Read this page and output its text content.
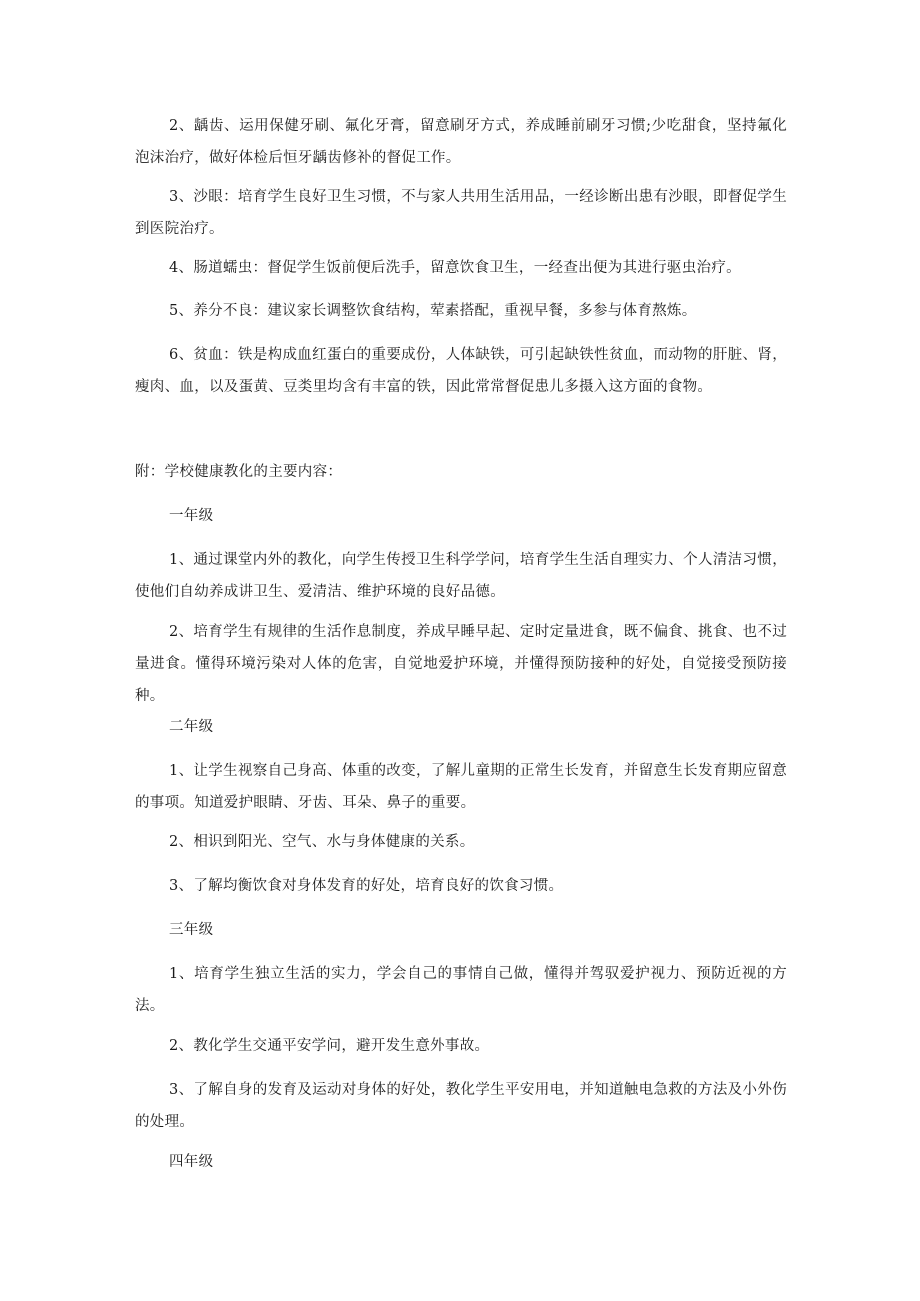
2、龋齿、运用保健牙刷、氟化牙膏，留意刷牙方式，养成睡前刷牙习惯;少吃甜食，坚持氟化泡沫治疗，做好体检后恒牙龋齿修补的督促工作。

3、沙眼：培育学生良好卫生习惯，不与家人共用生活用品，一经诊断出患有沙眼，即督促学生到医院治疗。

4、肠道蠕虫：督促学生饭前便后洗手，留意饮食卫生，一经查出便为其进行驱虫治疗。

5、养分不良：建议家长调整饮食结构，荤素搭配，重视早餐，多参与体育熬炼。

6、贫血：铁是构成血红蛋白的重要成份，人体缺铁，可引起缺铁性贫血，而动物的肝脏、肾，瘦肉、血，以及蛋黄、豆类里均含有丰富的铁，因此常常督促患儿多摄入这方面的食物。

附：学校健康教化的主要内容：

一年级

1、通过课堂内外的教化，向学生传授卫生科学学问，培育学生生活自理实力、个人清洁习惯，使他们自幼养成讲卫生、爱清洁、维护环境的良好品德。

2、培育学生有规律的生活作息制度，养成早睡早起、定时定量进食，既不偏食、挑食、也不过量进食。懂得环境污染对人体的危害，自觉地爱护环境，并懂得预防接种的好处，自觉接受预防接种。

二年级

1、让学生视察自己身高、体重的改变，了解儿童期的正常生长发育，并留意生长发育期应留意的事项。知道爱护眼睛、牙齿、耳朵、鼻子的重要。

2、相识到阳光、空气、水与身体健康的关系。

3、了解均衡饮食对身体发育的好处，培育良好的饮食习惯。

三年级

1、培育学生独立生活的实力，学会自己的事情自己做，懂得并驾驭爱护视力、预防近视的方法。

2、教化学生交通平安学问，避开发生意外事故。

3、了解自身的发育及运动对身体的好处，教化学生平安用电，并知道触电急救的方法及小外伤的处理。

四年级
